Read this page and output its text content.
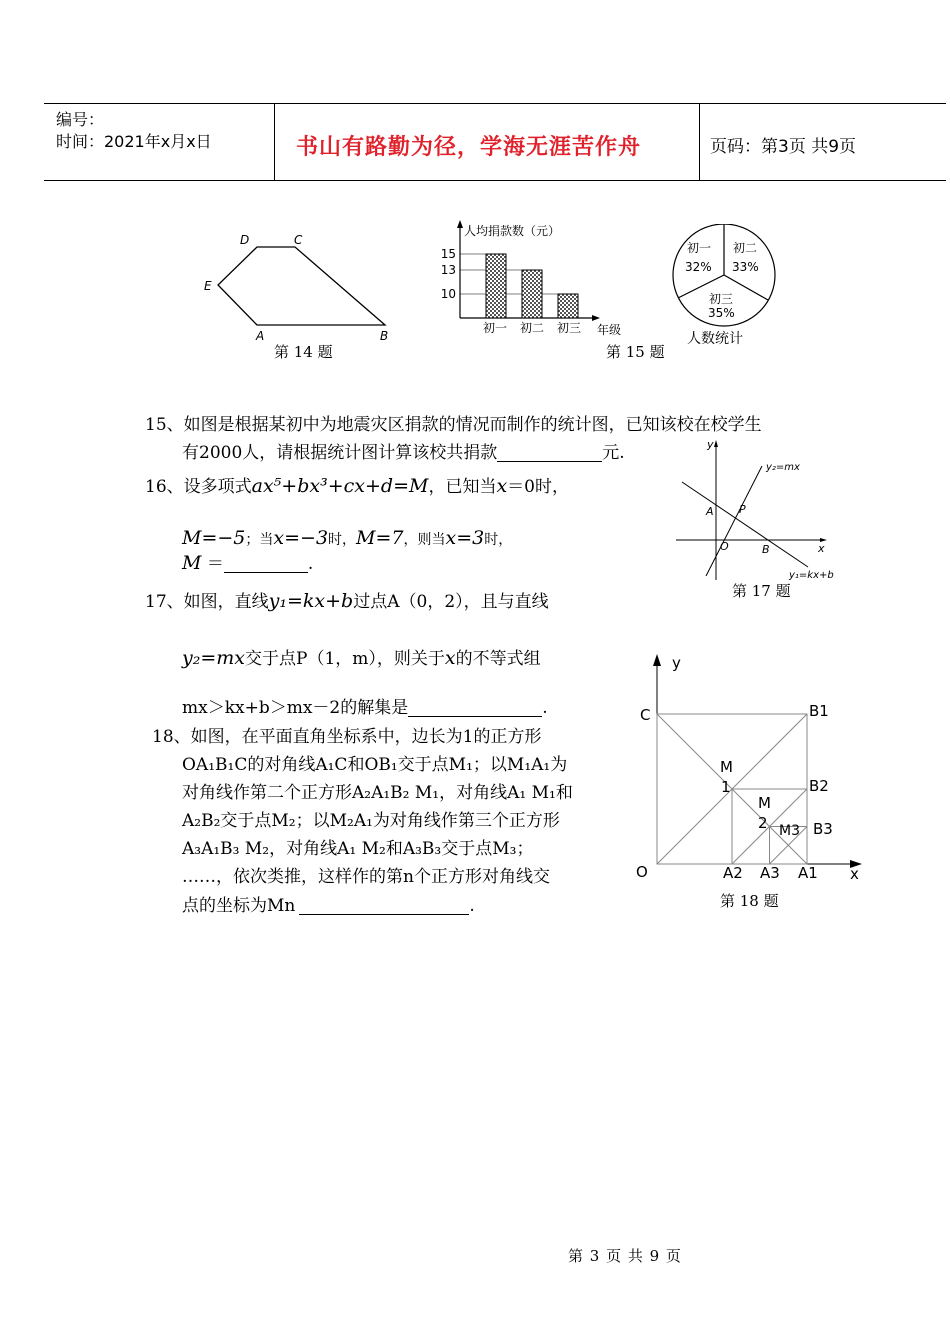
编号：
时间：2021年x月x日	书山有路勤为径，学海无涯苦作舟	页码：第3页 共9页
D	C
E
A	B
第 14 题
人均捐款数（元）
15
13
10
初一 初二 初三 年级
第 15 题
初一
32%
初二
33%
初三
35%
人数统计
15、如图是根据某初中为地震灾区捐款的情况而制作的统计图，已知该校在校学生
有2000人，请根据统计图计算该校共捐款	元.
16、设多项式ax⁵+bx³+cx+d=M，已知当x＝0时，
M=−5；当x=−3时，M=7，则当x=3时，
M ＝	.
y
x
O
A P
B
y₂=mx
y₁=kx+b
第 17 题
17、如图，直线y₁=kx+b过点A（0，2），且与直线
y₂=mx交于点P（1，m），则关于x的不等式组
mx＞kx+b＞mx－2的解集是	.
18、如图，在平面直角坐标系中，边长为1的正方形
OA₁B₁C的对角线A₁C和OB₁交于点M₁；以M₁A₁为
对角线作第二个正方形A₂A₁B₂ M₁，对角线A₁ M₁和
A₂B₂交于点M₂；以M₂A₁为对角线作第三个正方形
A₃A₁B₃ M₂，对角线A₁ M₂和A₃B₃交于点M₃；
……，依次类推，这样作的第n个正方形对角线交
点的坐标为Mn	.
y
x
O
C	B1
B2
B3
M
1
M
2 M3
A2 A3 A1
第 18 题
第 3 页 共 9 页
